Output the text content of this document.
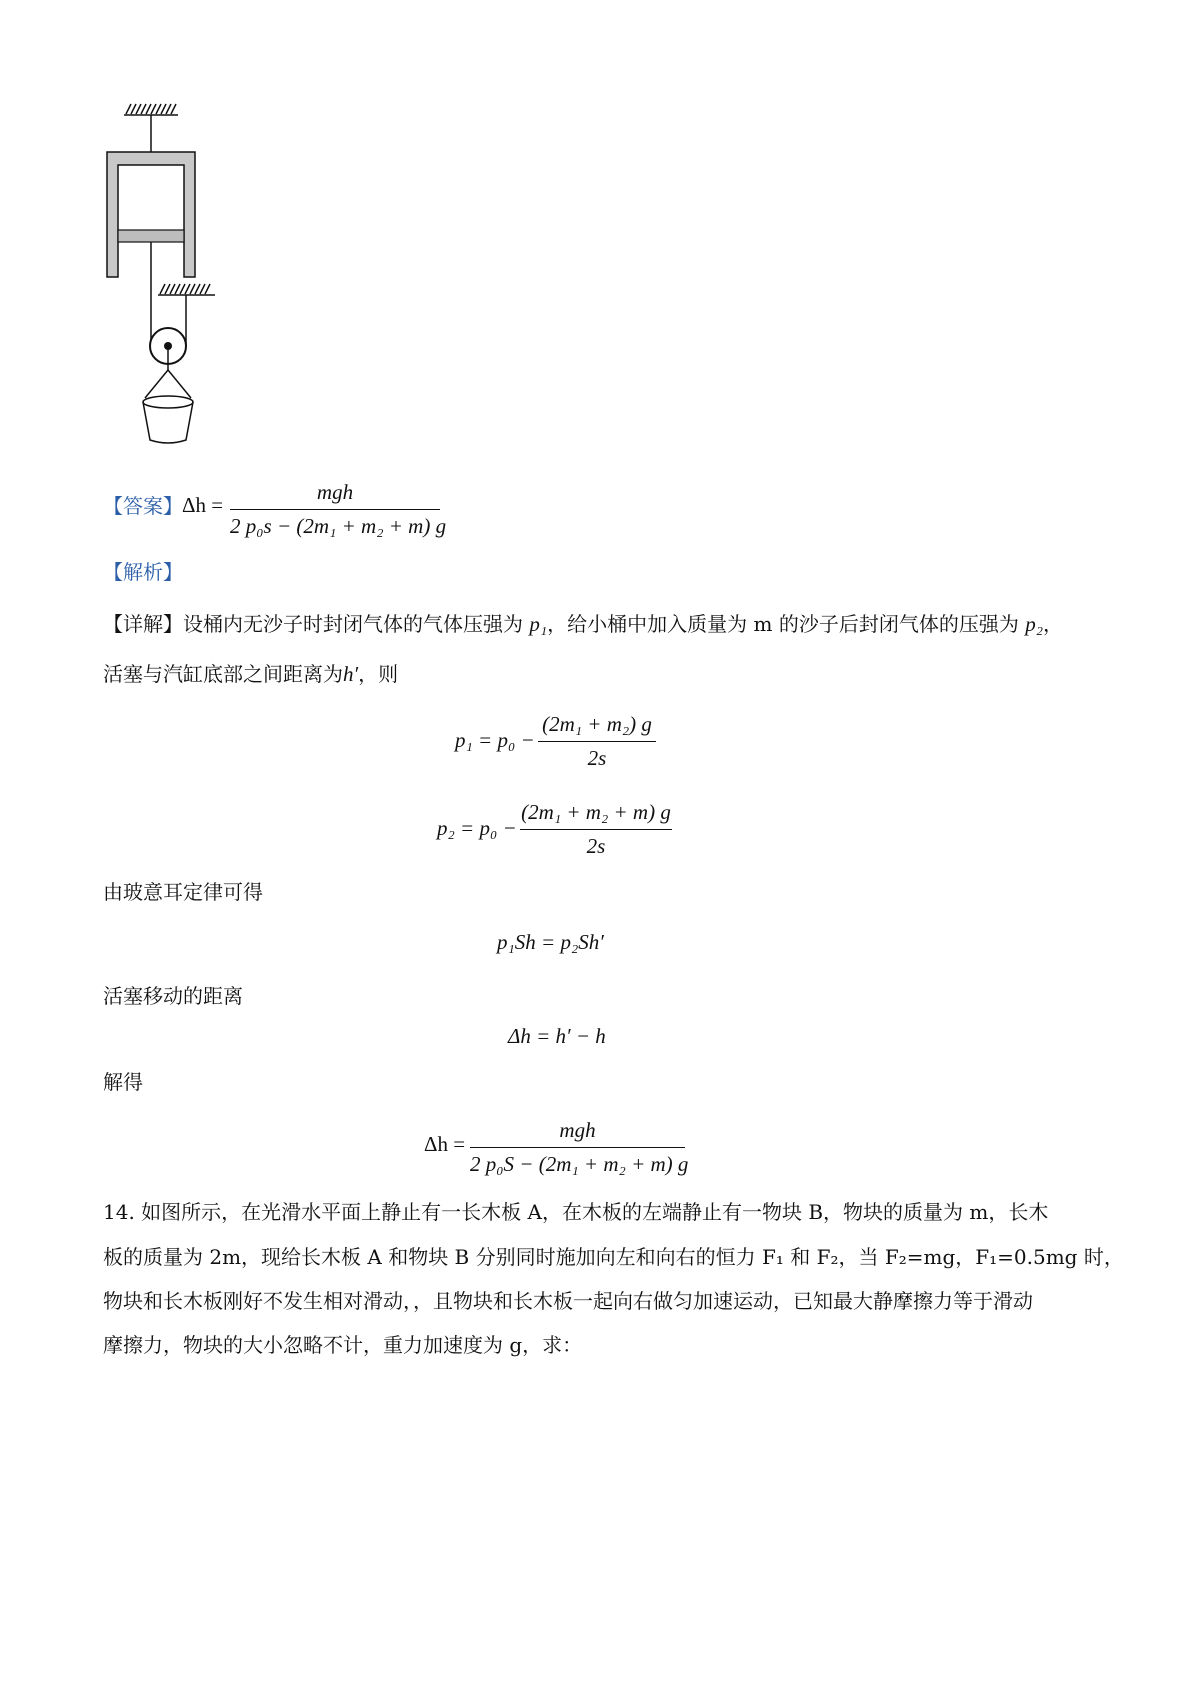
【答案】 Δh =
mgh
2 p₀s − (2m₁ + m₂ + m) g
【解析】
【详解】设桶内无沙子时封闭气体的气体压强为 p₁，给小桶中加入质量为 m 的沙子后封闭气体的压强为 p₂，
活塞与汽缸底部之间距离为h′，则
p₁ = p₀ −
(2m₁ + m₂) g
2s
p₂ = p₀ −
(2m₁ + m₂ + m) g
2s
由玻意耳定律可得
p₁Sh = p₂Sh′
活塞移动的距离
Δh = h′ − h
解得
Δh =
mgh
2 p₀S − (2m₁ + m₂ + m) g
14. 如图所示，在光滑水平面上静止有一长木板 A，在木板的左端静止有一物块 B，物块的质量为 m，长木
板的质量为 2m，现给长木板 A 和物块 B 分别同时施加向左和向右的恒力 F₁ 和 F₂，当 F₂=mg，F₁=0.5mg 时，
物块和长木板刚好不发生相对滑动，，且物块和长木板一起向右做匀加速运动，已知最大静摩擦力等于滑动
摩擦力，物块的大小忽略不计，重力加速度为 g，求：
